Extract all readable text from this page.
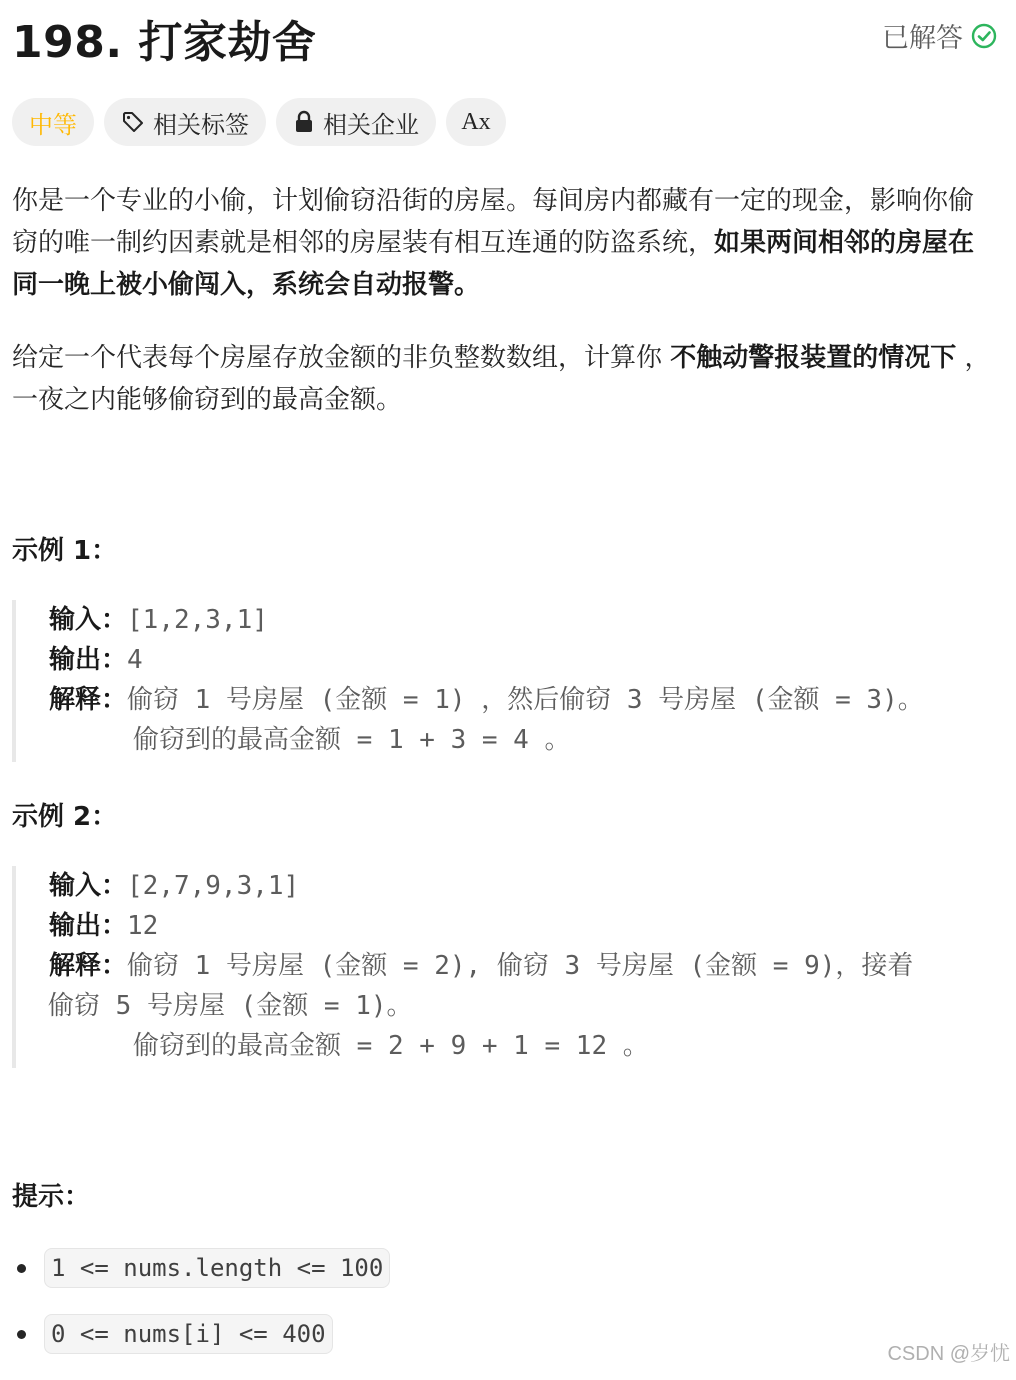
198. 打家劫舍	已解答
中等	相关标签	相关企业 Ax

你是一个专业的小偷，计划偷窃沿街的房屋。每间房内都藏有一定的现金，影响你偷窃的唯一制约因素就是相邻的房屋装有相互连通的防盗系统，如果两间相邻的房屋在同一晚上被小偷闯入，系统会自动报警。

给定一个代表每个房屋存放金额的非负整数数组，计算你 不触动警报装置的情况下 ，一夜之内能够偷窃到的最高金额。

示例 1：
输入：[1,2,3,1]
输出：4
解释：偷窃 1 号房屋 (金额 = 1) ，然后偷窃 3 号房屋 (金额 = 3)。
偷窃到的最高金额 = 1 + 3 = 4 。
示例 2：
输入：[2,7,9,3,1]
输出：12
解释：偷窃 1 号房屋 (金额 = 2), 偷窃 3 号房屋 (金额 = 9)，接着
偷窃 5 号房屋 (金额 = 1)。
偷窃到的最高金额 = 2 + 9 + 1 = 12 。
提示：
1 <= nums.length <= 100
0 <= nums[i] <= 400
CSDN @岁忧
